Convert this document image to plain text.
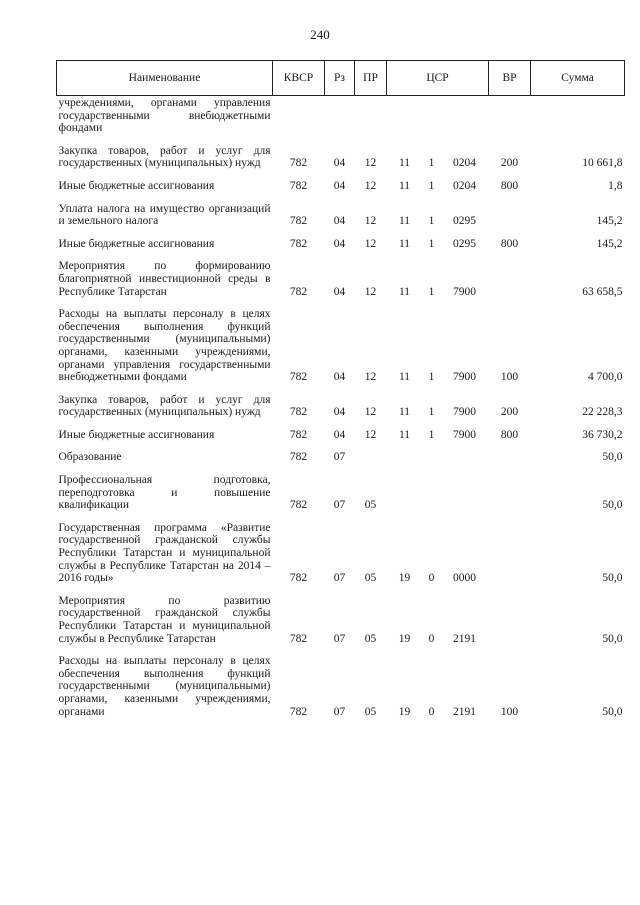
240
Наименование	КВСР	Рз	ПР	ЦСР			ВР	Сумма
учреждениями, органами управления государственными внебюджетными фондами								
Закупка товаров, работ и услуг для государственных (муниципальных) нужд	782	04	12	11	1	0204	200	10 661,8
Иные бюджетные ассигнования	782	04	12	11	1	0204	800	1,8
Уплата налога на имущество организаций и земельного налога	782	04	12	11	1	0295		145,2
Иные бюджетные ассигнования	782	04	12	11	1	0295	800	145,2
Мероприятия по формированию благоприятной инвестиционной среды в Республике Татарстан	782	04	12	11	1	7900		63 658,5
Расходы на выплаты персоналу в целях обеспечения выполнения функций государственными (муниципальными) органами, казенными учреждениями, органами управления государственными внебюджетными фондами	782	04	12	11	1	7900	100	4 700,0
Закупка товаров, работ и услуг для государственных (муниципальных) нужд	782	04	12	11	1	7900	200	22 228,3
Иные бюджетные ассигнования	782	04	12	11	1	7900	800	36 730,2
Образование	782	07						50,0
Профессиональная подготовка, переподготовка и повышение квалификации	782	07	05					50,0
Государственная программа «Развитие государственной гражданской службы Республики Татарстан и муниципальной службы в Республике Татарстан на 2014 – 2016 годы»	782	07	05	19	0	0000		50,0
Мероприятия по развитию государственной гражданской службы Республики Татарстан и муниципальной службы в Республике Татарстан	782	07	05	19	0	2191		50,0
Расходы на выплаты персоналу в целях обеспечения выполнения функций государственными (муниципальными) органами, казенными учреждениями, органами	782	07	05	19	0	2191	100	50,0
